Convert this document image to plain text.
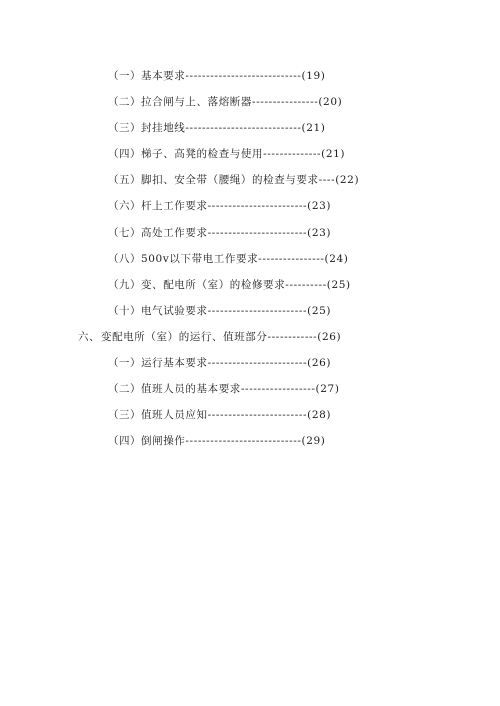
（一） 基本要求----------------------------(19)
（二） 拉合闸与上、落熔断器----------------(20)
（三） 封挂地线----------------------------(21)
（四） 梯子、高凳的检查与使用--------------(21)
（五） 脚扣、安全带（腰绳）的检查与要求----(22)
（六） 杆上工作要求------------------------(23)
（七） 高处工作要求------------------------(23)
（八） 500v以下带电工作要求----------------(24)
（九） 变、配电所（室）的检修要求----------(25)
（十） 电气试验要求------------------------(25)
六、 变配电所（室）的运行、值班部分------------(26)
（一） 运行基本要求------------------------(26)
（二） 值班人员的基本要求------------------(27)
（三） 值班人员应知------------------------(28)
（四） 倒闸操作----------------------------(29)
